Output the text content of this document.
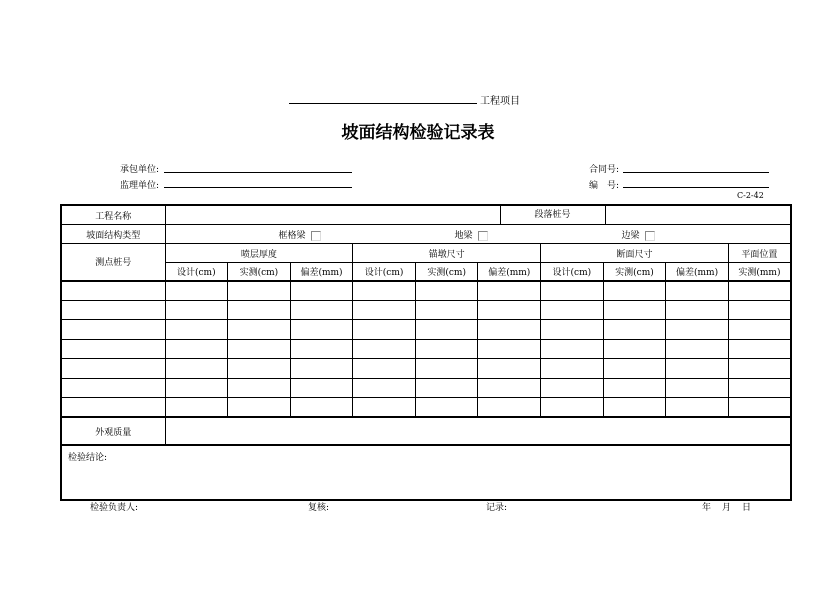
工程项目
坡面结构检验记录表
承包单位:
监理单位:
合同号:
编　号:
C-2-42
工程名称	段落桩号									

坡面结构类型	框格梁 地梁 边梁									

测点桩号	喷层厚度			锚墩尺寸			断面尺寸			平面位置
	设计(cm)	实测(cm)	偏差(mm)	设计(cm)	实测(cm)	偏差(mm)	设计(cm)	实测(cm)	偏差(mm)	实测(mm)

外观质量										
检验结论:										
检验负责人:	复核:	记录:	年 月 日
